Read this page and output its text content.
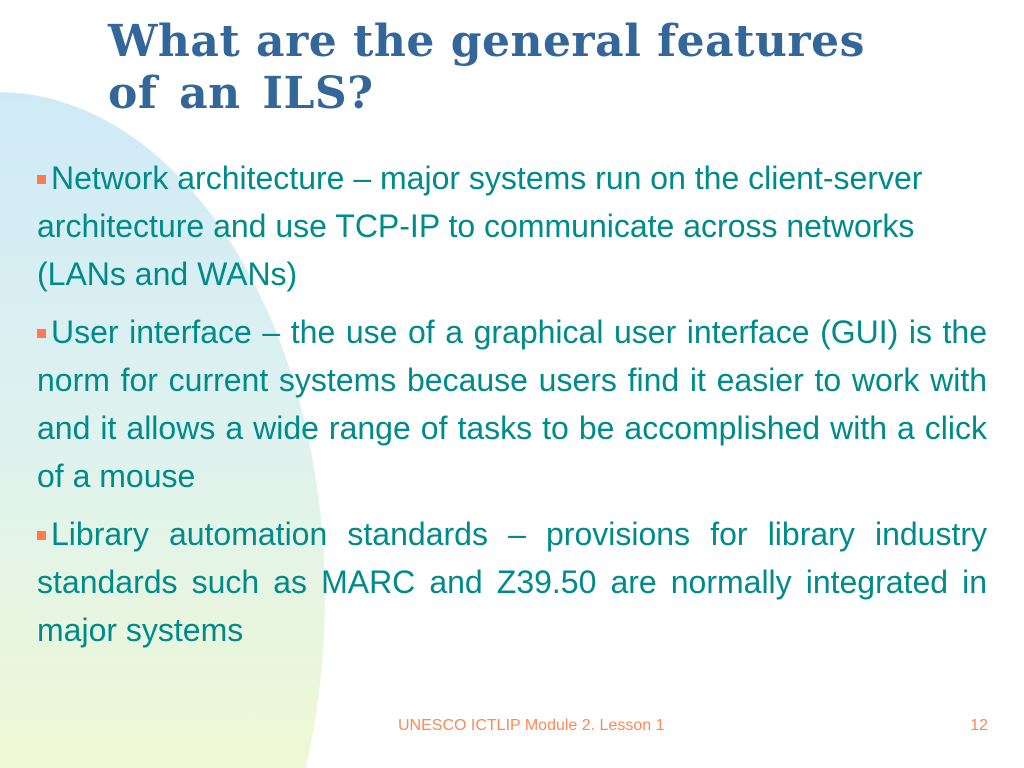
What are the general features
of an ILS?
Network architecture – major systems run on the client-server architecture and use TCP-IP to communicate across networks (LANs and WANs)
User interface – the use of a graphical user interface (GUI) is the norm for current systems because users find it easier to work with and it allows a wide range of tasks to be accomplished with a click of a mouse
Library automation standards – provisions for library industry standards such as MARC and Z39.50 are normally integrated in major systems
UNESCO ICTLIP Module 2. Lesson 1	12
